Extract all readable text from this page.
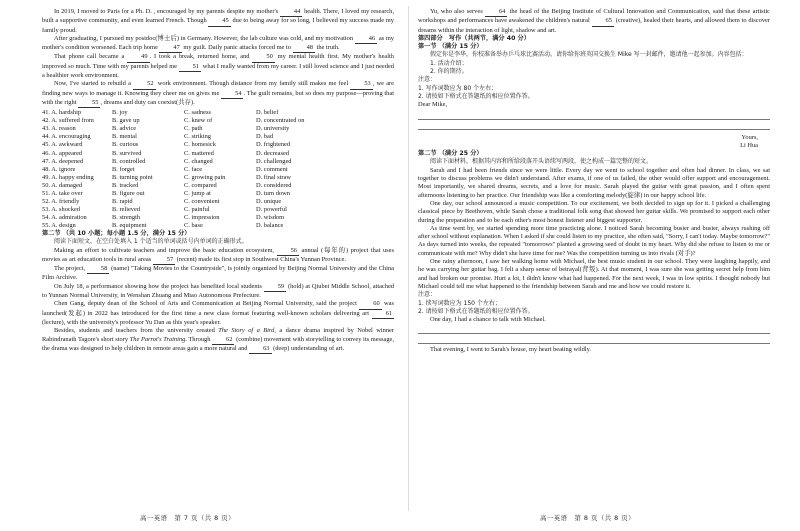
In 2019, I moved to Paris for a Ph. D. , encouraged by my parents despite my mother's 44 health. There, I loved my research, built a supportive community, and even learned French. Though 45 due to being away for so long, I believed my success made my family proud.

After graduating, I pursued my postdoc(博士后) in Germany. However, the lab culture was cold, and my motivation 46 as my mother's condition worsened. Each trip home 47 my guilt. Daily panic attacks forced me to 48 the truth.

That phone call became a	49 . I took a break, returned home, and	50 my mental health first. My mother's health improved so much. Time with my parents helped me 51 what I really wanted from my career. I still loved science and I just needed a healthier work environment.

Now, I've started to rebuild a	52 work environment. Though distance from my family still makes me feel	53 , we are finding new ways to manage it. Knowing they cheer me on gives me 54 . The guilt remains, but so does my purpose—proving that with the right 55 , dreams and duty can coexist(共存).

41. A. hardship	B. joy	C. sadness	D. belief
42. A. suffered from	B. gave up	C. knew of	D. concentrated on
43. A. reason	B. advice	C. path	D. university
44. A. encouraging	B. mental	C. striking	D. bad
45. A. awkward	B. curious	C. homesick	D. frightened
46. A. appeared	B. survived	C. mattered	D. decreased
47. A. deepened	B. controlled	C. changed	D. challenged
48. A. ignore	B. forget	C. face	D. comment
49. A. happy ending	B. turning point	C. growing pain	D. final straw
50. A. damaged	B. tracked	C. compared	D. considered
51. A. take over	B. figure out	C. jump at	D. turn down
52. A. friendly	B. rapid	C. convenient	D. unique
53. A. shocked	B. relieved	C. painful	D. powerful
54. A. admiration	B. strength	C. impression	D. wisdom
55. A. design	B. equipment	C. base	D. balance

第二节 （共 10 小题；每小题 1.5 分，满分 15 分）

阅读下面短文，在空白处填入 1 个适当的单词或括号内单词的正确形式。

Making an effort to cultivate teachers and improve the basic education ecosystem,	56 annual (每年的) project that uses movies as art education tools in rural areas 57 (recent) made its first stop in Southwest China's Yunnan Province.

The project, 58 (name) "Taking Movies to the Countryside", is jointly organized by Beijing Normal University and the China Film Archive.

On July 18, a performance showing how the project has benefited local students 59 (hold) at Qiubei Middle School, attached to Yunnan Normal University, in Wenshan Zhuang and Miao Autonomous Prefecture.

Chen Gang, deputy dean of the School of Arts and Communication at Beijing Normal University, said the project	60 was launched(发起) in 2022 has introduced for the first time a new class format featuring well-known scholars delivering art	61 (lecture), with the university's professor Yu Dan as this year's speaker.

Besides, students and teachers from the university created The Story of a Bird, a dance drama inspired by Nobel winner Rabindranath Tagore's short story The Parrot's Training. Through 62 (combine) movement with storytelling to convey its message, the drama was designed to help children in remote areas gain a more natural and 63 (deep) understanding of art.

高一英语　第 7 页（共 8 页）

Yu, who also serves	64 the head of the Beijing Institute of Cultural Innovation and Communication, said that these artistic workshops and performances have awakened the children's natural 65 (creative), healed their hearts, and allowed them to discover dreams within the interaction of light, shadow and art.

第四部分　写作（共两节，满分 40 分）

第一节 （满分 15 分）

假定你是李华，你校准备举办乒乓球比赛活动。请你给你班英国交换生 Mike 写一封邮件，邀请他一起参加。内容包括：

1. 活动介绍；

2. 你的期待。

注意：

1. 写作词数应为 80 个左右；

2. 请按如下格式在答题纸的相应位置作答。

Dear Mike,

Yours,

Li Hua

第二节 （满分 25 分）

阅读下面材料，根据其内容和所给段落开头语续写两段，使之构成一篇完整的短文。

Sarah and I had been friends since we were little. Every day we went to school together and often had dinner. In class, we sat together to discuss problems we didn't understand. After exams, if one of us failed, the other would offer support and encouragement. Most importantly, we shared dreams, secrets, and a love for music. Sarah played the guitar with great passion, and I often spent afternoons listening to her practice. Our friendship was like a comforting melody(旋律) in our happy school life.

One day, our school announced a music competition. To our excitement, we both decided to sign up for it. I picked a challenging classical piece by Beethoven, while Sarah chose a traditional folk song that showed her guitar skills. We promised to support each other during the preparation and to be each other's most honest listener and biggest supporter.

As time went by, we started spending more time practicing alone. I noticed Sarah becoming busier and busier, always rushing off after school without explanation. When I asked if she could listen to my practice, she often said, "Sorry, I can't today. Maybe tomorrow?" As days turned into weeks, the repeated "tomorrows" planted a growing seed of doubt in my heart. Why did she refuse to listen to me or communicate with me? Why didn't she have time for me? Was the competition turning us into rivals (对手)?

One rainy afternoon, I saw her walking home with Michael, the best music student in our school. They were laughing happily, and he was carrying her guitar bag. I felt a sharp sense of betrayal(背叛). At that moment, I was sure she was getting secret help from him and had broken our promise. Hurt a lot, I didn't know what had happened. For the next week, I was in low spirits. I thought nobody but Michael could tell me what happened to the friendship between Sarah and me and how we could restore it.

注意：

1. 续写词数应为 150 个左右；

2. 请按如下格式在答题纸的相应位置作答。

One day, I had a chance to talk with Michael.

That evening, I went to Sarah's house, my heart beating wildly.

高一英语　第 8 页（共 8 页）
